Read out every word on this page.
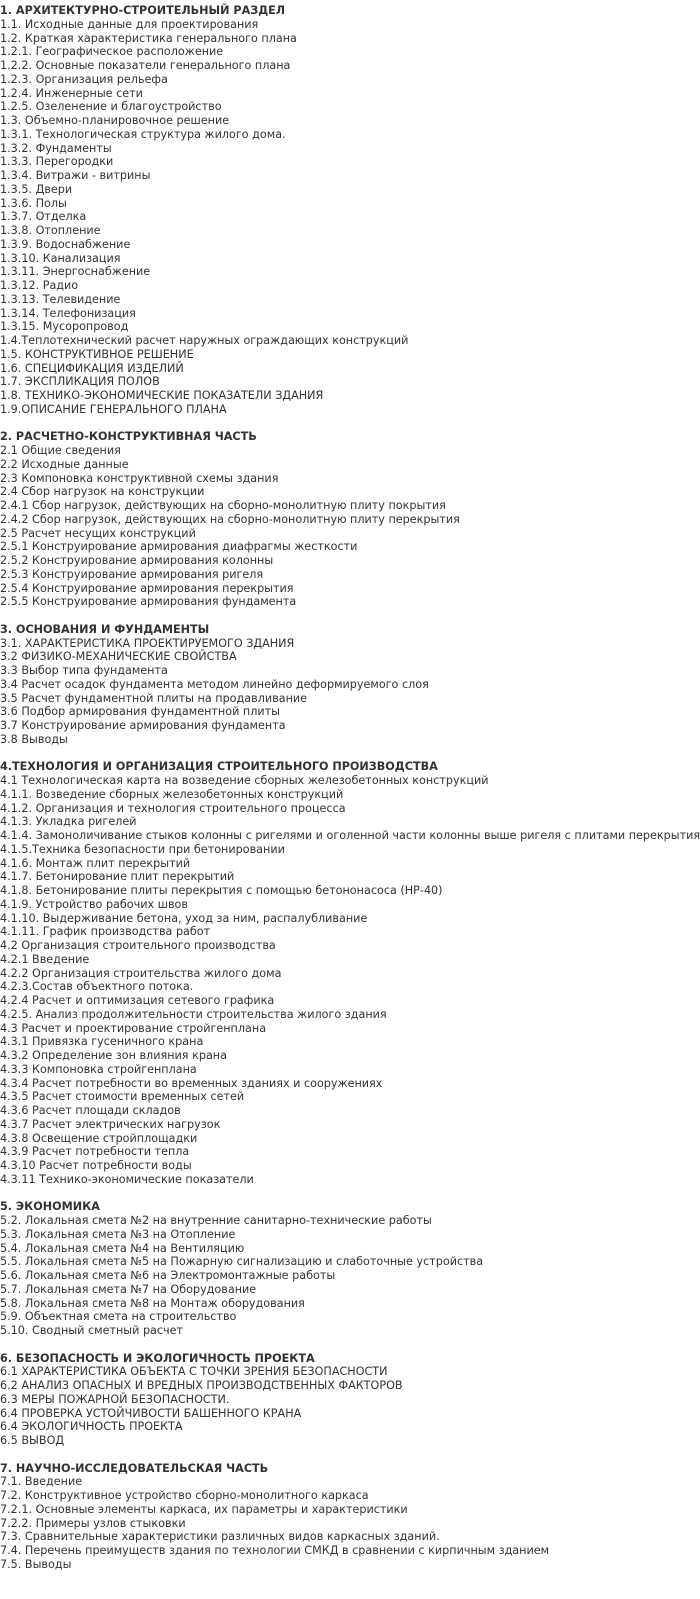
1. АРХИТЕКТУРНО-СТРОИТЕЛЬНЫЙ РАЗДЕЛ
1.1. Исходные данные для проектирования
1.2. Краткая характеристика генерального плана
1.2.1. Географическое расположение
1.2.2. Основные показатели генерального плана
1.2.3. Организация рельефа
1.2.4. Инженерные сети
1.2.5. Озеленение и благоустройство
1.3. Объемно-планировочное решение
1.3.1. Технологическая структура жилого дома.
1.3.2. Фундаменты
1.3.3. Перегородки
1.3.4. Витражи - витрины
1.3.5. Двери
1.3.6. Полы
1.3.7. Отделка
1.3.8. Отопление
1.3.9. Водоснабжение
1.3.10. Канализация
1.3.11. Энергоснабжение
1.3.12. Радио
1.3.13. Телевидение
1.3.14. Телефонизация
1.3.15. Мусоропровод
1.4.Теплотехнический расчет наружных ограждающих конструкций
1.5. КОНСТРУКТИВНОЕ РЕШЕНИЕ
1.6. СПЕЦИФИКАЦИЯ ИЗДЕЛИЙ
1.7. ЭКСПЛИКАЦИЯ ПОЛОВ
1.8. ТЕХНИКО-ЭКОНОМИЧЕСКИЕ ПОКАЗАТЕЛИ ЗДАНИЯ
1.9.ОПИСАНИЕ ГЕНЕРАЛЬНОГО ПЛАНА
2. РАСЧЕТНО-КОНСТРУКТИВНАЯ ЧАСТЬ
2.1 Общие сведения
2.2 Исходные данные
2.3 Компоновка конструктивной схемы здания
2.4 Сбор нагрузок на конструкции
2.4.1 Сбор нагрузок, действующих на сборно-монолитную плиту покрытия
2.4.2 Сбор нагрузок, действующих на сборно-монолитную плиту перекрытия
2.5 Расчет несущих конструкций
2.5.1 Конструирование армирования диафрагмы жесткости
2.5.2 Конструирование армирования колонны
2.5.3 Конструирование армирования ригеля
2.5.4 Конструирование армирования перекрытия
2.5.5 Конструирование армирования фундамента
3. ОСНОВАНИЯ И ФУНДАМЕНТЫ
3.1. ХАРАКТЕРИСТИКА ПРОЕКТИРУЕМОГО ЗДАНИЯ
3.2 ФИЗИКО-МЕХАНИЧЕСКИЕ СВОЙСТВА
3.3 Выбор типа фундамента
3.4 Расчет осадок фундамента методом линейно деформируемого слоя
3.5 Расчет фундаментной плиты на продавливание
3.6 Подбор армирования фундаментной плиты
3.7 Конструирование армирования фундамента
3.8 Выводы
4.ТЕХНОЛОГИЯ И ОРГАНИЗАЦИЯ СТРОИТЕЛЬНОГО ПРОИЗВОДСТВА
4.1 Технологическая карта на возведение сборных железобетонных конструкций
4.1.1. Возведение сборных железобетонных конструкций
4.1.2. Организация и технология строительного процесса
4.1.3. Укладка ригелей
4.1.4. Замоноличивание стыков колонны с ригелями и оголенной части колонны выше ригеля с плитами перекрытия
4.1.5.Техника безопасности при бетонировании
4.1.6. Монтаж плит перекрытий
4.1.7. Бетонирование плит перекрытий
4.1.8. Бетонирование плиты перекрытия с помощью бетононасоса (НР-40)
4.1.9. Устройство рабочих швов
4.1.10. Выдерживание бетона, уход за ним, распалубливание
4.1.11. График производства работ
4.2 Организация строительного производства
4.2.1 Введение
4.2.2 Организация строительства жилого дома
4.2.3.Состав объектного потока.
4.2.4 Расчет и оптимизация сетевого графика
4.2.5. Анализ продолжительности строительства жилого здания
4.3 Расчет и проектирование стройгенплана
4.3.1 Привязка гусеничного крана
4.3.2 Определение зон влияния крана
4.3.3 Компоновка стройгенплана
4.3.4 Расчет потребности во временных зданиях и сооружениях
4.3.5 Расчет стоимости временных сетей
4.3.6 Расчет площади складов
4.3.7 Расчет электрических нагрузок
4.3.8 Освещение стройплощадки
4.3.9 Расчет потребности тепла
4.3.10 Расчет потребности воды
4.3.11 Технико-экономические показатели
5. ЭКОНОМИКА
5.2. Локальная смета №2 на внутренние санитарно-технические работы
5.3. Локальная смета №3 на Отопление
5.4. Локальная смета №4 на Вентиляцию
5.5. Локальная смета №5 на Пожарную сигнализацию и слаботочные устройства
5.6. Локальная смета №6 на Электромонтажные работы
5.7. Локальная смета №7 на Оборудование
5.8. Локальная смета №8 на Монтаж оборудования
5.9. Объектная смета на строительство
5.10. Сводный сметный расчет
6. БЕЗОПАСНОСТЬ И ЭКОЛОГИЧНОСТЬ ПРОЕКТА
6.1 ХАРАКТЕРИСТИКА ОБЪЕКТА С ТОЧКИ ЗРЕНИЯ БЕЗОПАСНОСТИ
6.2 АНАЛИЗ ОПАСНЫХ И ВРЕДНЫХ ПРОИЗВОДСТВЕННЫХ ФАКТОРОВ
6.3 МЕРЫ ПОЖАРНОЙ БЕЗОПАСНОСТИ.
6.4 ПРОВЕРКА УСТОЙЧИВОСТИ БАШЕННОГО КРАНА
6.4 ЭКОЛОГИЧНОСТЬ ПРОЕКТА
6.5 ВЫВОД
7. НАУЧНО-ИССЛЕДОВАТЕЛЬСКАЯ ЧАСТЬ
7.1. Введение
7.2. Конструктивное устройство сборно-монолитного каркаса
7.2.1. Основные элементы каркаса, их параметры и характеристики
7.2.2. Примеры узлов стыковки
7.3. Сравнительные характеристики различных видов каркасных зданий.
7.4. Перечень преимуществ здания по технологии СМКД в сравнении с кирпичным зданием
7.5. Выводы
